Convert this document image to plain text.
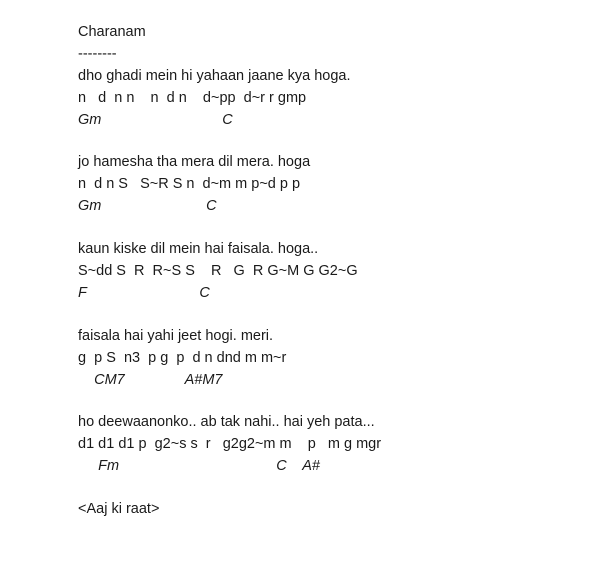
Charanam
--------
dho ghadi mein hi yahaan jaane kya hoga.
n   d  n n    n  d n    d~pp  d~r r gmp
Gm                              C
jo hamesha tha mera dil mera. hoga
n  d n S   S~R S n  d~m m p~d p p
Gm                          C
kaun kiske dil mein hai faisala. hoga..
S~dd S  R  R~S S    R   G  R G~M G G2~G
F                            C
faisala hai yahi jeet hogi. meri.
g  p S  n3  p g  p  d n dnd m m~r
CM7               A#M7
ho deewaanonko.. ab tak nahi.. hai yeh pata...
d1 d1 d1 p  g2~s s  r   g2g2~m m    p   m g mgr
Fm                                       C    A#
<Aaj ki raat>
